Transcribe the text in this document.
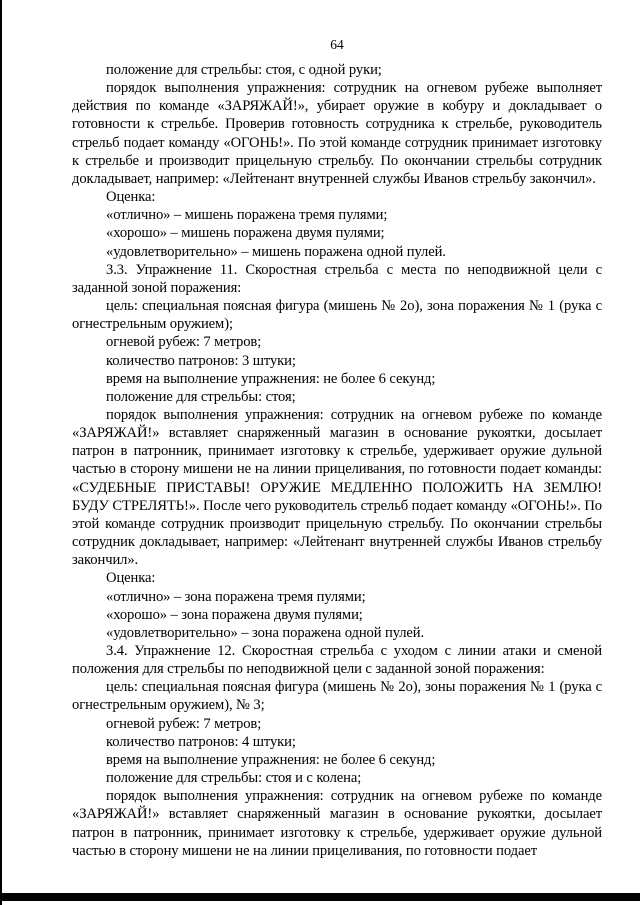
64

положение для стрельбы: стоя, с одной руки;

порядок выполнения упражнения: сотрудник на огневом рубеже выполняет действия по команде «ЗАРЯЖАЙ!», убирает оружие в кобуру и докладывает о готовности к стрельбе. Проверив готовность сотрудника к стрельбе, руководитель стрельб подает команду «ОГОНЬ!». По этой команде сотрудник принимает изготовку к стрельбе и производит прицельную стрельбу. По окончании стрельбы сотрудник докладывает, например: «Лейтенант внутренней службы Иванов стрельбу закончил».

Оценка:

«отлично» – мишень поражена тремя пулями;

«хорошо» – мишень поражена двумя пулями;

«удовлетворительно» – мишень поражена одной пулей.

3.3. Упражнение 11. Скоростная стрельба с места по неподвижной цели с заданной зоной поражения:

цель: специальная поясная фигура (мишень № 2о), зона поражения № 1 (рука с огнестрельным оружием);

огневой рубеж: 7 метров;

количество патронов: 3 штуки;

время на выполнение упражнения: не более 6 секунд;

положение для стрельбы: стоя;

порядок выполнения упражнения: сотрудник на огневом рубеже по команде «ЗАРЯЖАЙ!» вставляет снаряженный магазин в основание рукоятки, досылает патрон в патронник, принимает изготовку к стрельбе, удерживает оружие дульной частью в сторону мишени не на линии прицеливания, по готовности подает команды: «СУДЕБНЫЕ ПРИСТАВЫ! ОРУЖИЕ МЕДЛЕННО ПОЛОЖИТЬ НА ЗЕМЛЮ! БУДУ СТРЕЛЯТЬ!». После чего руководитель стрельб подает команду «ОГОНЬ!». По этой команде сотрудник производит прицельную стрельбу. По окончании стрельбы сотрудник докладывает, например: «Лейтенант внутренней службы Иванов стрельбу закончил».

Оценка:

«отлично» – зона поражена тремя пулями;

«хорошо» – зона поражена двумя пулями;

«удовлетворительно» – зона поражена одной пулей.

3.4. Упражнение 12. Скоростная стрельба с уходом с линии атаки и сменой положения для стрельбы по неподвижной цели с заданной зоной поражения:

цель: специальная поясная фигура (мишень № 2о), зоны поражения № 1 (рука с огнестрельным оружием), № 3;

огневой рубеж: 7 метров;

количество патронов: 4 штуки;

время на выполнение упражнения: не более 6 секунд;

положение для стрельбы: стоя и с колена;

порядок выполнения упражнения: сотрудник на огневом рубеже по команде «ЗАРЯЖАЙ!» вставляет снаряженный магазин в основание рукоятки, досылает патрон в патронник, принимает изготовку к стрельбе, удерживает оружие дульной частью в сторону мишени не на линии прицеливания, по готовности подает
